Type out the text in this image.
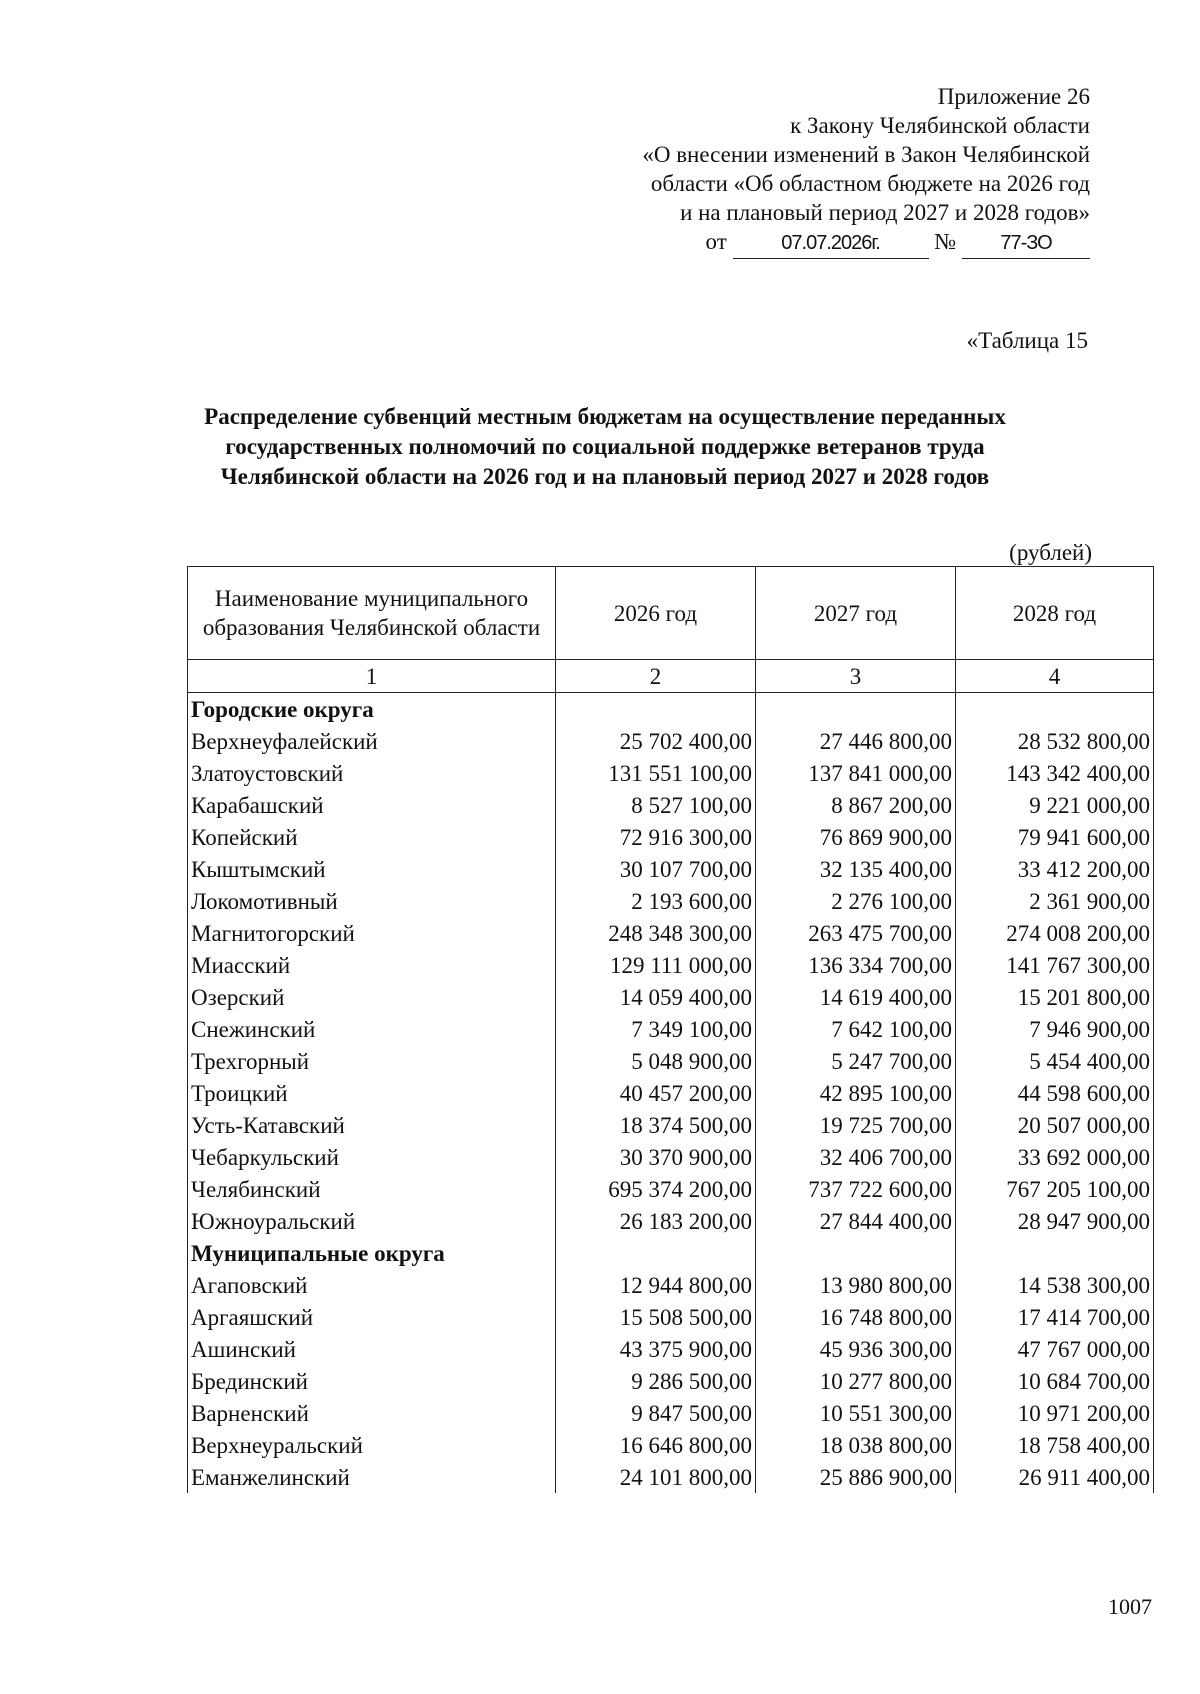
Приложение 26
к Закону Челябинской области
«О внесении изменений в Закон Челябинской
области «Об областном бюджете на 2026 год
и на плановый период 2027 и 2028 годов»
от	07.07.2026г. № 77-ЗО
«Таблица 15
Распределение субвенций местным бюджетам на осуществление переданных
государственных полномочий по социальной поддержке ветеранов труда
Челябинской области на 2026 год и на плановый период 2027 и 2028 годов
(рублей)
Наименование муниципального образования Челябинской области	2026 год	2027 год	2028 год
1	2	3	4
Городские округа			
Верхнеуфалейский	25 702 400,00	27 446 800,00	28 532 800,00
Златоустовский	131 551 100,00	137 841 000,00	143 342 400,00
Карабашский	8 527 100,00	8 867 200,00	9 221 000,00
Копейский	72 916 300,00	76 869 900,00	79 941 600,00
Кыштымский	30 107 700,00	32 135 400,00	33 412 200,00
Локомотивный	2 193 600,00	2 276 100,00	2 361 900,00
Магнитогорский	248 348 300,00	263 475 700,00	274 008 200,00
Миасский	129 111 000,00	136 334 700,00	141 767 300,00
Озерский	14 059 400,00	14 619 400,00	15 201 800,00
Снежинский	7 349 100,00	7 642 100,00	7 946 900,00
Трехгорный	5 048 900,00	5 247 700,00	5 454 400,00
Троицкий	40 457 200,00	42 895 100,00	44 598 600,00
Усть-Катавский	18 374 500,00	19 725 700,00	20 507 000,00
Чебаркульский	30 370 900,00	32 406 700,00	33 692 000,00
Челябинский	695 374 200,00	737 722 600,00	767 205 100,00
Южноуральский	26 183 200,00	27 844 400,00	28 947 900,00
Муниципальные округа			
Агаповский	12 944 800,00	13 980 800,00	14 538 300,00
Аргаяшский	15 508 500,00	16 748 800,00	17 414 700,00
Ашинский	43 375 900,00	45 936 300,00	47 767 000,00
Брединский	9 286 500,00	10 277 800,00	10 684 700,00
Варненский	9 847 500,00	10 551 300,00	10 971 200,00
Верхнеуральский	16 646 800,00	18 038 800,00	18 758 400,00
Еманжелинский	24 101 800,00	25 886 900,00	26 911 400,00
1007
